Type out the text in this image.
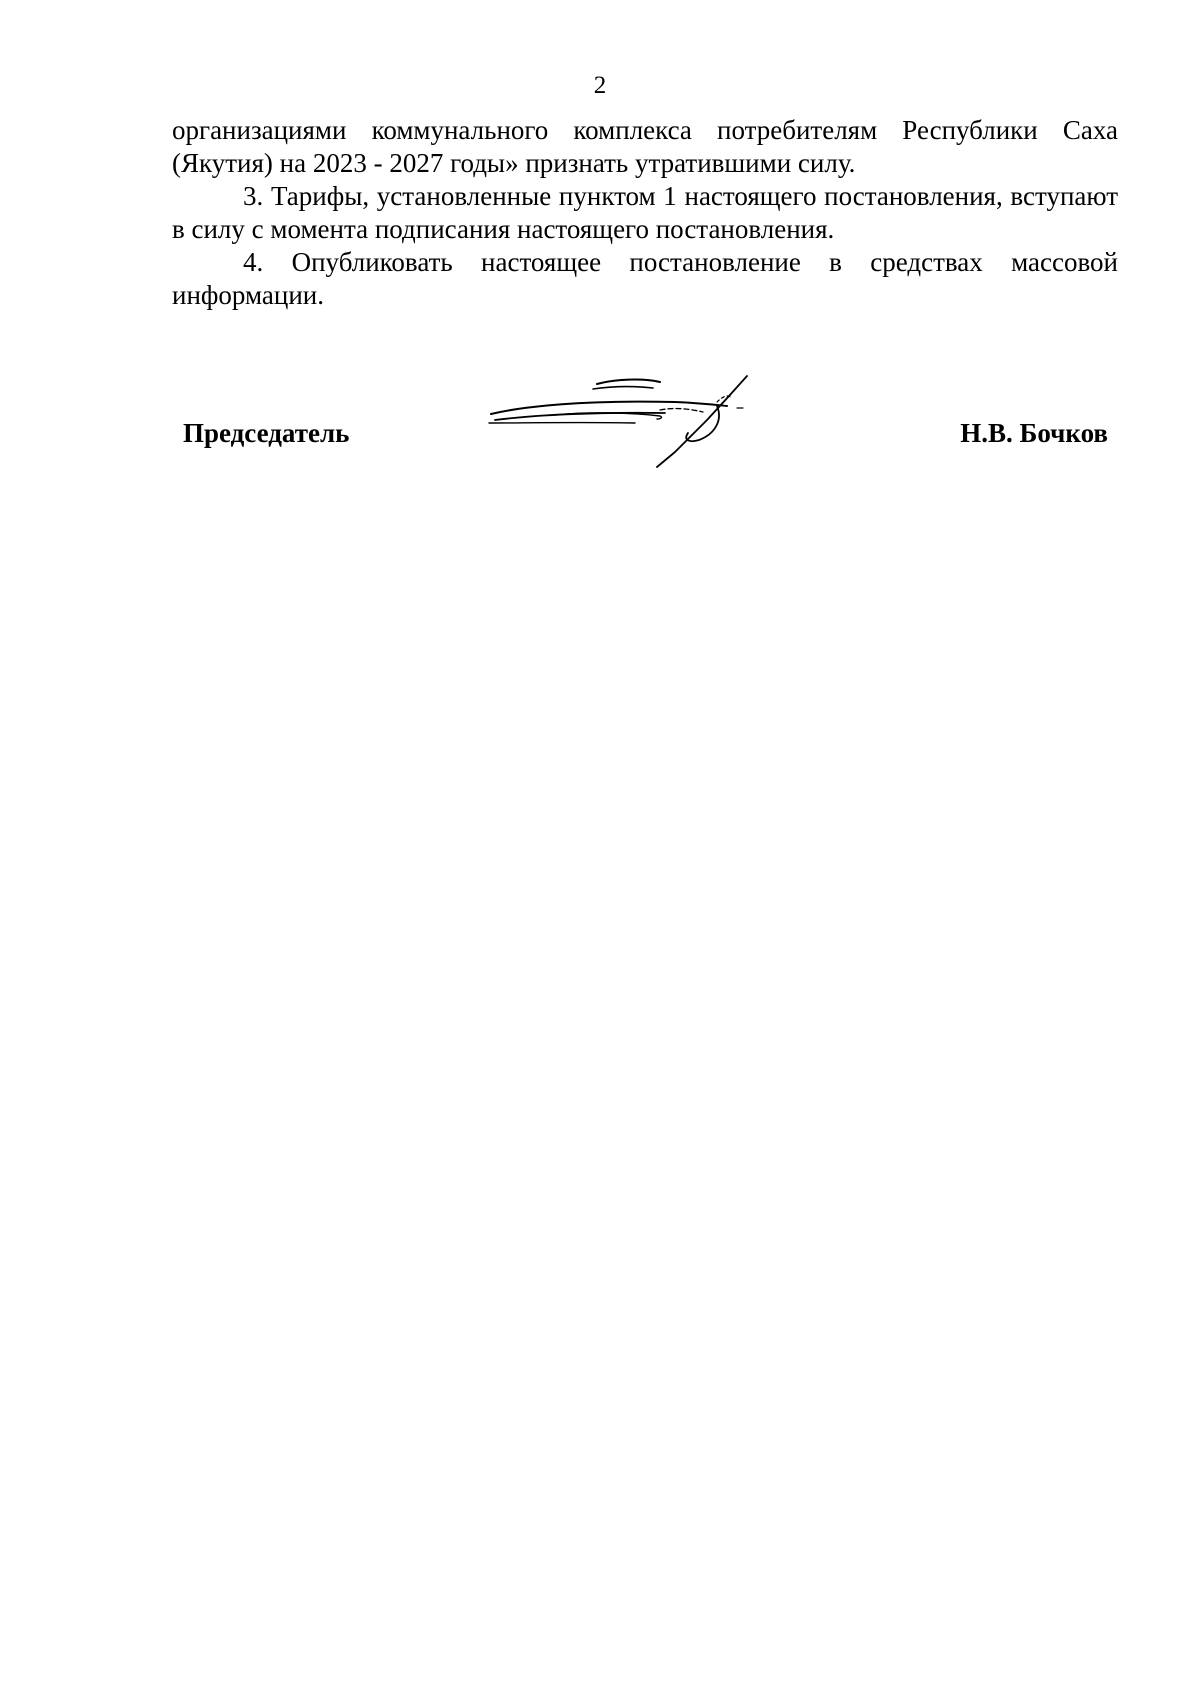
2

организациями коммунального комплекса потребителям Республики Саха (Якутия) на 2023 - 2027 годы» признать утратившими силу.

3. Тарифы, установленные пунктом 1 настоящего постановления, вступают в силу с момента подписания настоящего постановления.

4. Опубликовать настоящее постановление в средствах массовой информации.

Председатель	Н.В. Бочков
